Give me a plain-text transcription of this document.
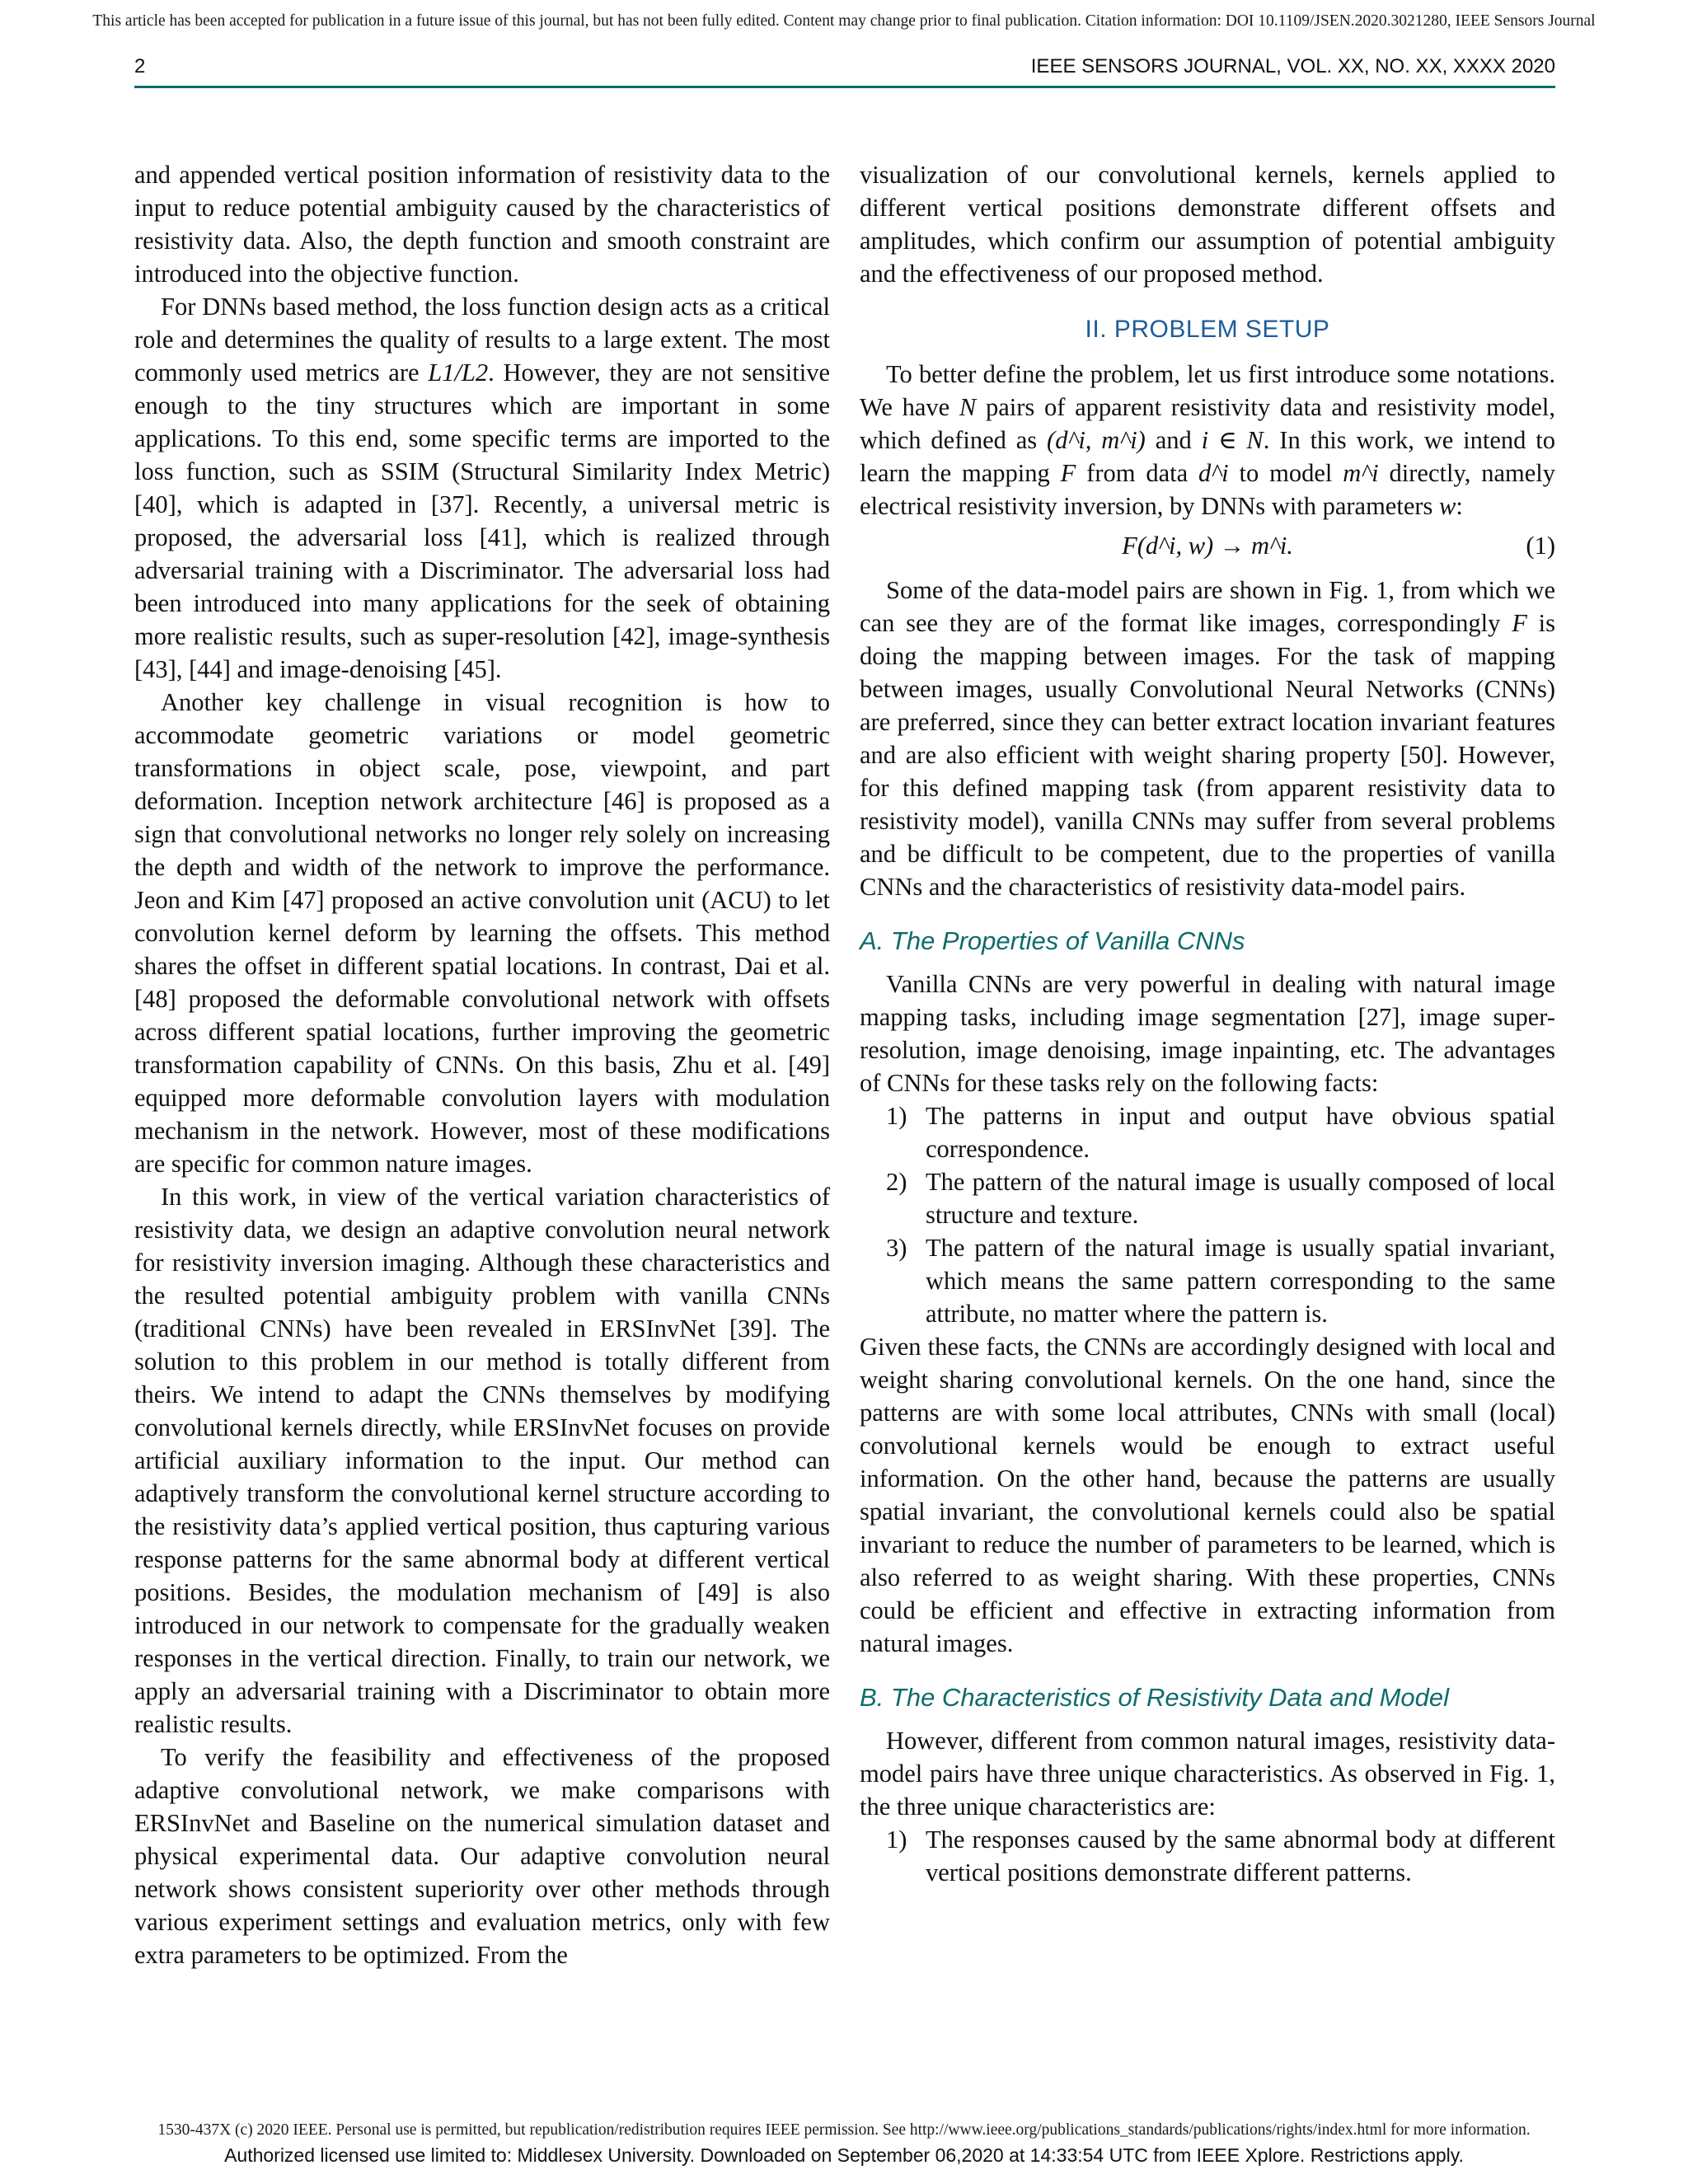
This article has been accepted for publication in a future issue of this journal, but has not been fully edited. Content may change prior to final publication. Citation information: DOI 10.1109/JSEN.2020.3021280, IEEE Sensors Journal
2	IEEE SENSORS JOURNAL, VOL. XX, NO. XX, XXXX 2020

and appended vertical position information of resistivity data to the input to reduce potential ambiguity caused by the characteristics of resistivity data. Also, the depth function and smooth constraint are introduced into the objective function.

For DNNs based method, the loss function design acts as a critical role and determines the quality of results to a large extent. The most commonly used metrics are L1/L2. However, they are not sensitive enough to the tiny structures which are important in some applications. To this end, some specific terms are imported to the loss function, such as SSIM (Structural Similarity Index Metric) [40], which is adapted in [37]. Recently, a universal metric is proposed, the adversarial loss [41], which is realized through adversarial training with a Discriminator. The adversarial loss had been introduced into many applications for the seek of obtaining more realistic results, such as super-resolution [42], image-synthesis [43], [44] and image-denoising [45].

Another key challenge in visual recognition is how to accommodate geometric variations or model geometric transformations in object scale, pose, viewpoint, and part deformation. Inception network architecture [46] is proposed as a sign that convolutional networks no longer rely solely on increasing the depth and width of the network to improve the performance. Jeon and Kim [47] proposed an active convolution unit (ACU) to let convolution kernel deform by learning the offsets. This method shares the offset in different spatial locations. In contrast, Dai et al. [48] proposed the deformable convolutional network with offsets across different spatial locations, further improving the geometric transformation capability of CNNs. On this basis, Zhu et al. [49] equipped more deformable convolution layers with modulation mechanism in the network. However, most of these modifications are specific for common nature images.

In this work, in view of the vertical variation characteristics of resistivity data, we design an adaptive convolution neural network for resistivity inversion imaging. Although these characteristics and the resulted potential ambiguity problem with vanilla CNNs (traditional CNNs) have been revealed in ERSInvNet [39]. The solution to this problem in our method is totally different from theirs. We intend to adapt the CNNs themselves by modifying convolutional kernels directly, while ERSInvNet focuses on provide artificial auxiliary information to the input. Our method can adaptively transform the convolutional kernel structure according to the resistivity data’s applied vertical position, thus capturing various response patterns for the same abnormal body at different vertical positions. Besides, the modulation mechanism of [49] is also introduced in our network to compensate for the gradually weaken responses in the vertical direction. Finally, to train our network, we apply an adversarial training with a Discriminator to obtain more realistic results.

To verify the feasibility and effectiveness of the proposed adaptive convolutional network, we make comparisons with ERSInvNet and Baseline on the numerical simulation dataset and physical experimental data. Our adaptive convolution neural network shows consistent superiority over other methods through various experiment settings and evaluation metrics, only with few extra parameters to be optimized. From the

visualization of our convolutional kernels, kernels applied to different vertical positions demonstrate different offsets and amplitudes, which confirm our assumption of potential ambiguity and the effectiveness of our proposed method.

II. PROBLEM SETUP

To better define the problem, let us first introduce some notations. We have N pairs of apparent resistivity data and resistivity model, which defined as (d^i, m^i) and i ∈ N. In this work, we intend to learn the mapping F from data d^i to model m^i directly, namely electrical resistivity inversion, by DNNs with parameters w:

F(d^i, w) → m^i.	(1)

Some of the data-model pairs are shown in Fig. 1, from which we can see they are of the format like images, correspondingly F is doing the mapping between images. For the task of mapping between images, usually Convolutional Neural Networks (CNNs) are preferred, since they can better extract location invariant features and are also efficient with weight sharing property [50]. However, for this defined mapping task (from apparent resistivity data to resistivity model), vanilla CNNs may suffer from several problems and be difficult to be competent, due to the properties of vanilla CNNs and the characteristics of resistivity data-model pairs.

A. The Properties of Vanilla CNNs

Vanilla CNNs are very powerful in dealing with natural image mapping tasks, including image segmentation [27], image super-resolution, image denoising, image inpainting, etc. The advantages of CNNs for these tasks rely on the following facts:

1) The patterns in input and output have obvious spatial correspondence.
2) The pattern of the natural image is usually composed of local structure and texture.
3) The pattern of the natural image is usually spatial invariant, which means the same pattern corresponding to the same attribute, no matter where the pattern is.

Given these facts, the CNNs are accordingly designed with local and weight sharing convolutional kernels. On the one hand, since the patterns are with some local attributes, CNNs with small (local) convolutional kernels would be enough to extract useful information. On the other hand, because the patterns are usually spatial invariant, the convolutional kernels could also be spatial invariant to reduce the number of parameters to be learned, which is also referred to as weight sharing. With these properties, CNNs could be efficient and effective in extracting information from natural images.

B. The Characteristics of Resistivity Data and Model

However, different from common natural images, resistivity data-model pairs have three unique characteristics. As observed in Fig. 1, the three unique characteristics are:

1) The responses caused by the same abnormal body at different vertical positions demonstrate different patterns.
1530-437X (c) 2020 IEEE. Personal use is permitted, but republication/redistribution requires IEEE permission. See http://www.ieee.org/publications_standards/publications/rights/index.html for more information.
Authorized licensed use limited to: Middlesex University. Downloaded on September 06,2020 at 14:33:54 UTC from IEEE Xplore. Restrictions apply.
